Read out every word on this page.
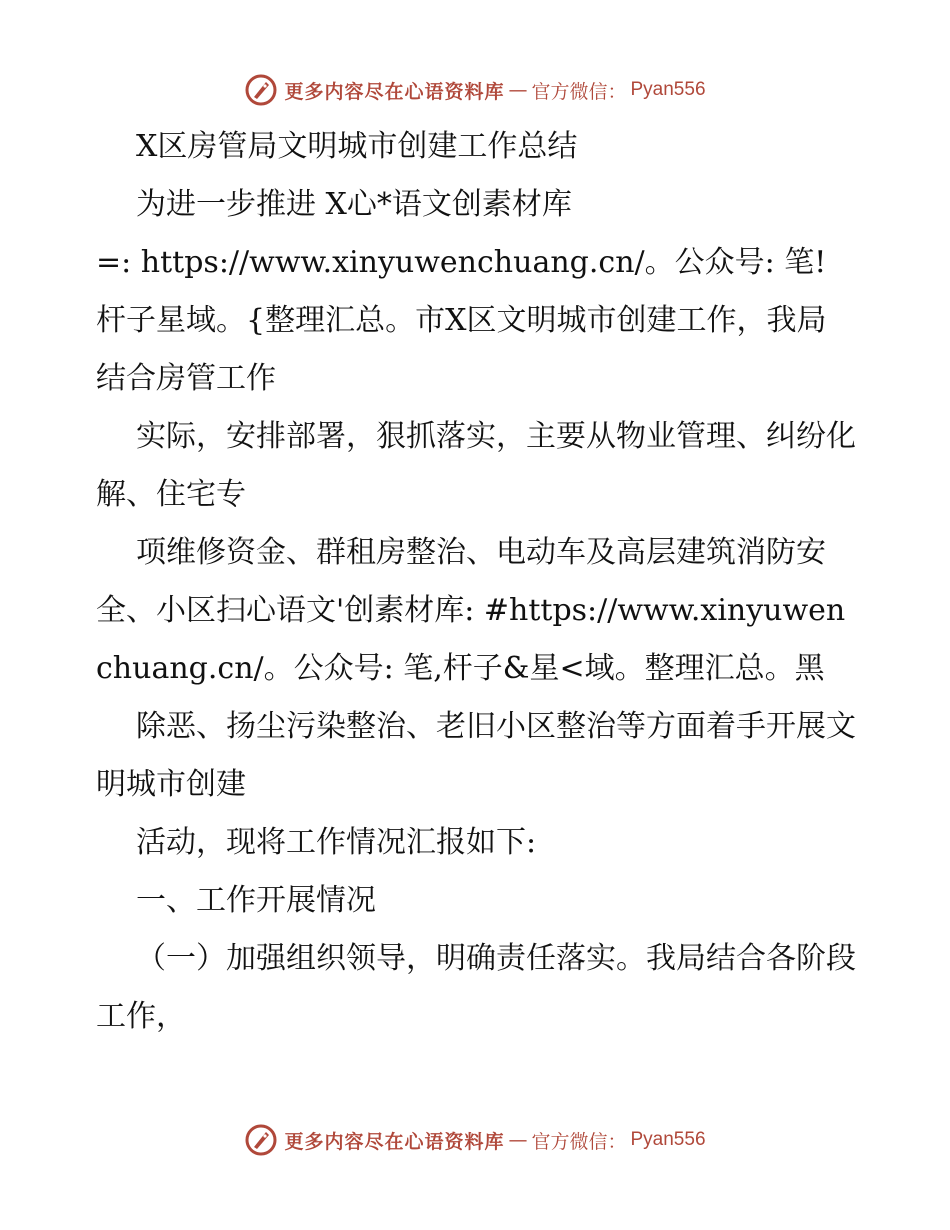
更多内容尽在心语资料库 — 官方微信： Pyan556

X区房管局文明城市创建工作总结

为进一步推进 X心*语文创素材库

=: https://www.xinyuwenchuang.cn/。公众号: 笔! 杆子星域。{整理汇总。市X区文明城市创建工作，我局结合房管工作

实际，安排部署，狠抓落实，主要从物业管理、纠纷化解、住宅专

项维修资金、群租房整治、电动车及高层建筑消防安全、小区扫心语文'创素材库: #https://www.xinyuwenchuang.cn/。公众号: 笔,杆子&星<域。整理汇总。黑

除恶、扬尘污染整治、老旧小区整治等方面着手开展文明城市创建

活动，现将工作情况汇报如下:

一、工作开展情况

（一）加强组织领导，明确责任落实。我局结合各阶段工作，

更多内容尽在心语资料库 — 官方微信： Pyan556
